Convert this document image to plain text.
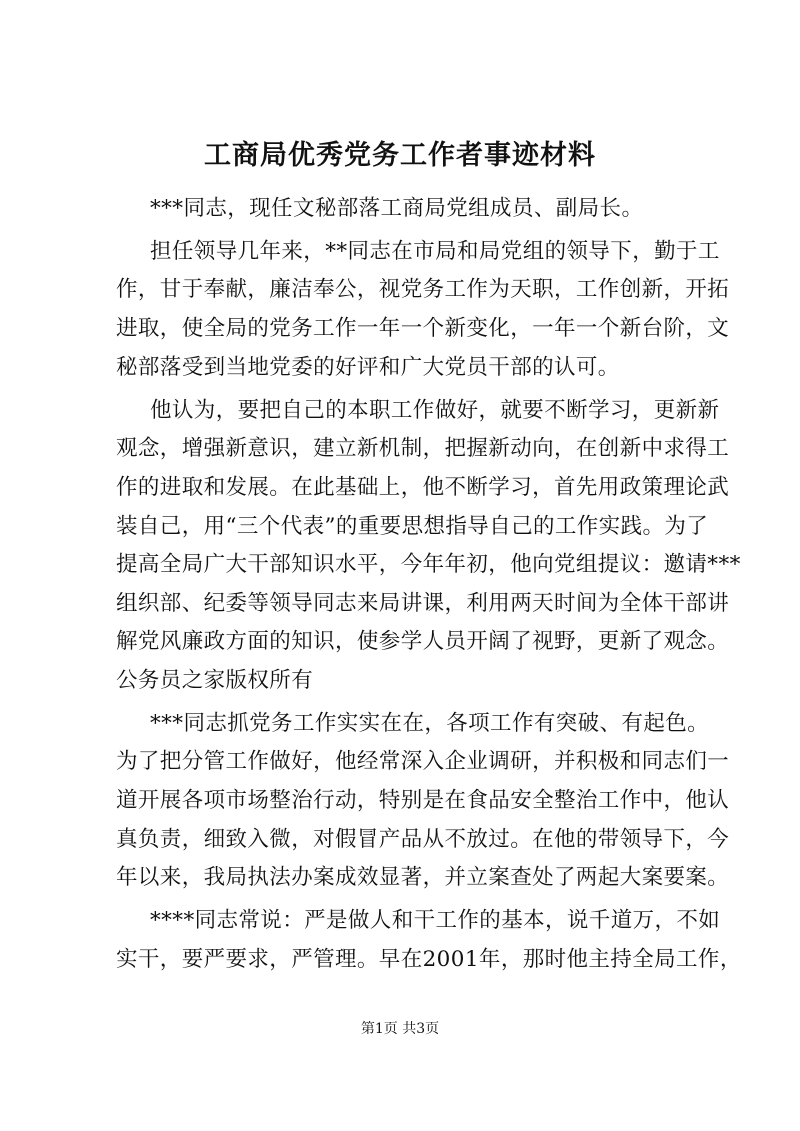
工商局优秀党务工作者事迹材料
***同志，现任文秘部落工商局党组成员、副局长。
担任领导几年来，**同志在市局和局党组的领导下，勤于工
作，甘于奉献，廉洁奉公，视党务工作为天职，工作创新，开拓
进取，使全局的党务工作一年一个新变化，一年一个新台阶，文
秘部落受到当地党委的好评和广大党员干部的认可。
他认为，要把自己的本职工作做好，就要不断学习，更新新
观念，增强新意识，建立新机制，把握新动向，在创新中求得工
作的进取和发展。在此基础上，他不断学习，首先用政策理论武
装自己，用“三个代表”的重要思想指导自己的工作实践。为了
提高全局广大干部知识水平，今年年初，他向党组提议：邀请***
组织部、纪委等领导同志来局讲课，利用两天时间为全体干部讲
解党风廉政方面的知识，使参学人员开阔了视野，更新了观念。
公务员之家版权所有
***同志抓党务工作实实在在，各项工作有突破、有起色。
为了把分管工作做好，他经常深入企业调研，并积极和同志们一
道开展各项市场整治行动，特别是在食品安全整治工作中，他认
真负责，细致入微，对假冒产品从不放过。在他的带领导下，今
年以来，我局执法办案成效显著，并立案查处了两起大案要案。
****同志常说：严是做人和干工作的基本，说千道万，不如
实干，要严要求，严管理。早在2001年，那时他主持全局工作，
第1页 共3页
